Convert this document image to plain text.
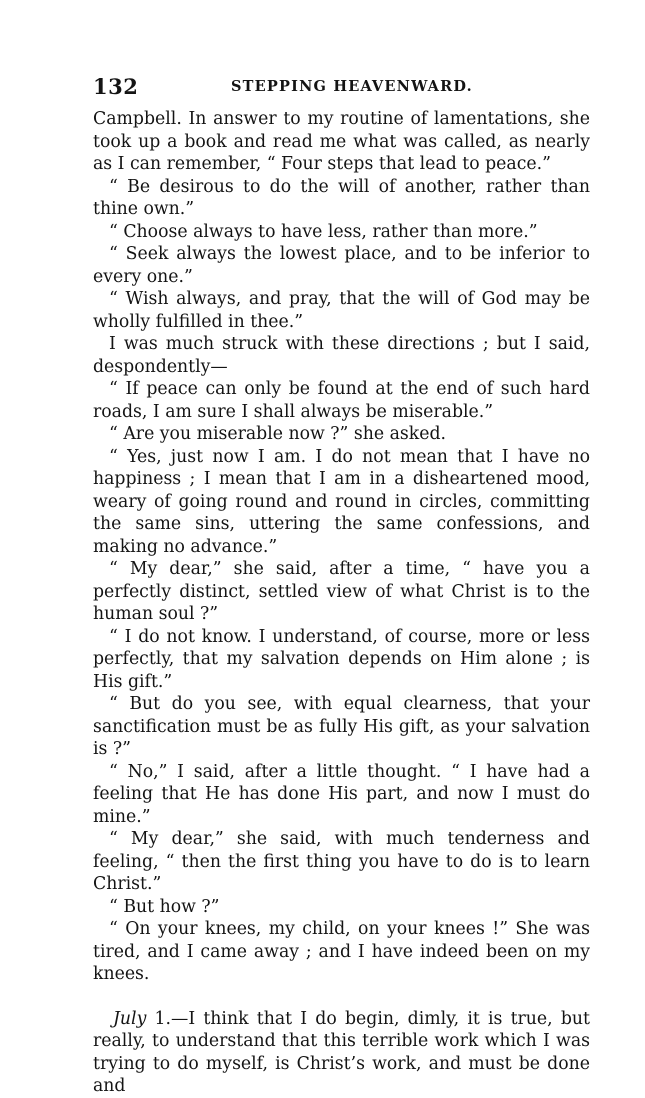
132	STEPPING HEAVENWARD.

Campbell. In answer to my routine of lamentations, she took up a book and read me what was called, as nearly as I can remember, “ Four steps that lead to peace.”

“ Be desirous to do the will of another, rather than thine own.”

“ Choose always to have less, rather than more.”

“ Seek always the lowest place, and to be inferior to every one.”

“ Wish always, and pray, that the will of God may be wholly fulfilled in thee.”

I was much struck with these directions ; but I said, despondently—

“ If peace can only be found at the end of such hard roads, I am sure I shall always be miserable.”

“ Are you miserable now ?” she asked.

“ Yes, just now I am. I do not mean that I have no happiness ; I mean that I am in a disheartened mood, weary of going round and round in circles, committing the same sins, uttering the same confessions, and making no advance.”

“ My dear,” she said, after a time, “ have you a perfectly distinct, settled view of what Christ is to the human soul ?”

“ I do not know. I understand, of course, more or less perfectly, that my salvation depends on Him alone ; is His gift.”

“ But do you see, with equal clearness, that your sanctification must be as fully His gift, as your salvation is ?”

“ No,” I said, after a little thought. “ I have had a feeling that He has done His part, and now I must do mine.”

“ My dear,” she said, with much tenderness and feeling, “ then the first thing you have to do is to learn Christ.”

“ But how ?”

“ On your knees, my child, on your knees !” She was tired, and I came away ; and I have indeed been on my knees.

July 1.—I think that I do begin, dimly, it is true, but really, to understand that this terrible work which I was trying to do myself, is Christ’s work, and must be done and
